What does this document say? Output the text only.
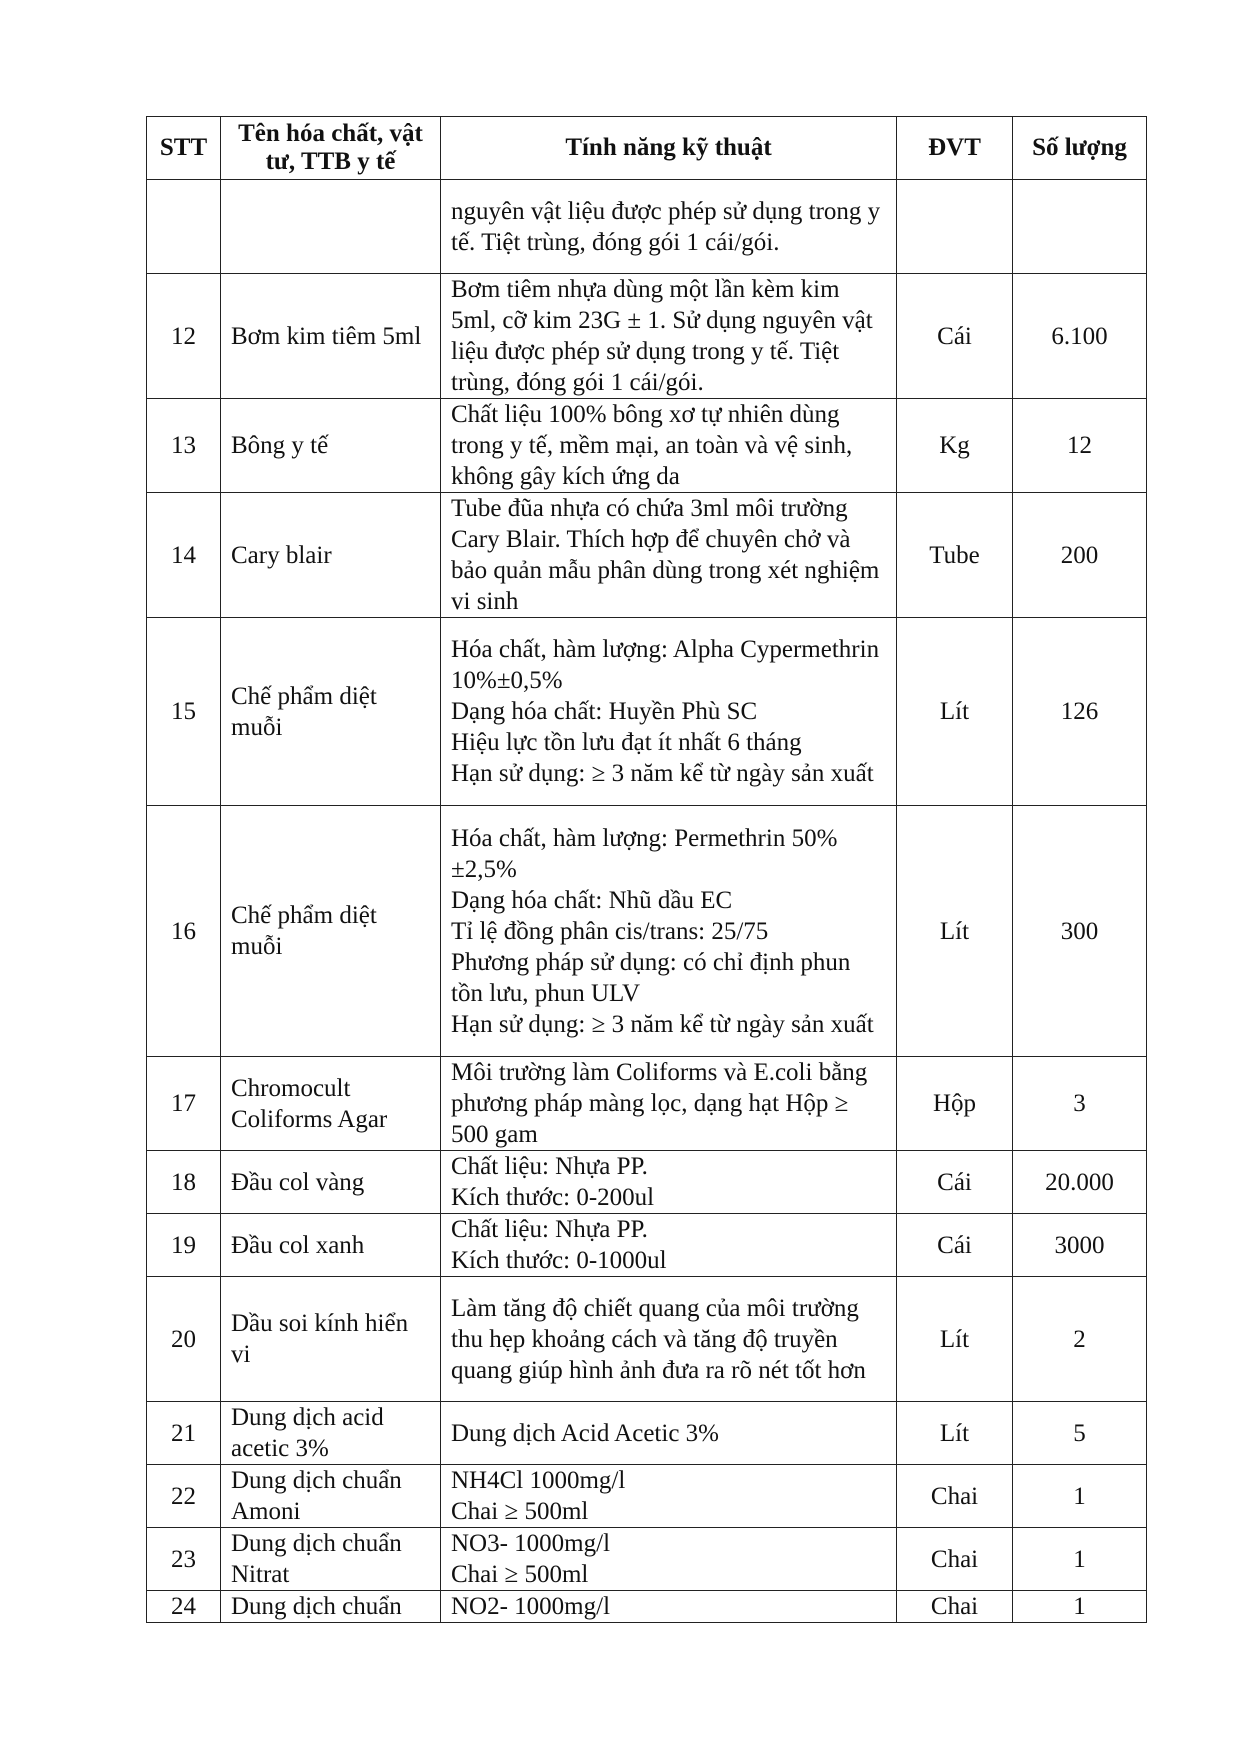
STT	Tên hóa chất, vật tư, TTB y tế	Tính năng kỹ thuật	ĐVT	Số lượng

		nguyên vật liệu được phép sử dụng trong y tế. Tiệt trùng, đóng gói 1 cái/gói.		

12	Bơm kim tiêm 5ml	Bơm tiêm nhựa dùng một lần kèm kim 5ml, cỡ kim 23G ± 1. Sử dụng nguyên vật liệu được phép sử dụng trong y tế. Tiệt trùng, đóng gói 1 cái/gói.	Cái	6.100
13	Bông y tế	Chất liệu 100% bông xơ tự nhiên dùng trong y tế, mềm mại, an toàn và vệ sinh, không gây kích ứng da	Kg	12
14	Cary blair	Tube đũa nhựa có chứa 3ml môi trường Cary Blair. Thích hợp để chuyên chở và bảo quản mẫu phân dùng trong xét nghiệm vi sinh	Tube	200
15	Chế phẩm diệt muỗi	Hóa chất, hàm lượng: Alpha Cypermethrin 10%±0,5%
Dạng hóa chất: Huyền Phù SC
Hiệu lực tồn lưu đạt ít nhất 6 tháng
Hạn sử dụng: ≥ 3 năm kể từ ngày sản xuất	Lít	126
16	Chế phẩm diệt muỗi	Hóa chất, hàm lượng: Permethrin 50% ±2,5%
Dạng hóa chất: Nhũ dầu EC
Tỉ lệ đồng phân cis/trans: 25/75
Phương pháp sử dụng: có chỉ định phun tồn lưu, phun ULV
Hạn sử dụng: ≥ 3 năm kể từ ngày sản xuất	Lít	300
17	Chromocult Coliforms Agar	Môi trường làm Coliforms và E.coli bằng phương pháp màng lọc, dạng hạt Hộp ≥ 500 gam	Hộp	3
18	Đầu col vàng	Chất liệu: Nhựa PP.
Kích thước: 0-200ul	Cái	20.000
19	Đầu col xanh	Chất liệu: Nhựa PP.
Kích thước: 0-1000ul	Cái	3000
20	Dầu soi kính hiển vi	Làm tăng độ chiết quang của môi trường thu hẹp khoảng cách và tăng độ truyền quang giúp hình ảnh đưa ra rõ nét tốt hơn	Lít	2
21	Dung dịch acid acetic 3%	Dung dịch Acid Acetic 3%	Lít	5
22	Dung dịch chuẩn Amoni	NH4Cl 1000mg/l
Chai ≥ 500ml	Chai	1
23	Dung dịch chuẩn Nitrat	NO3- 1000mg/l
Chai ≥ 500ml	Chai	1
24	Dung dịch chuẩn	NO2- 1000mg/l	Chai	1
